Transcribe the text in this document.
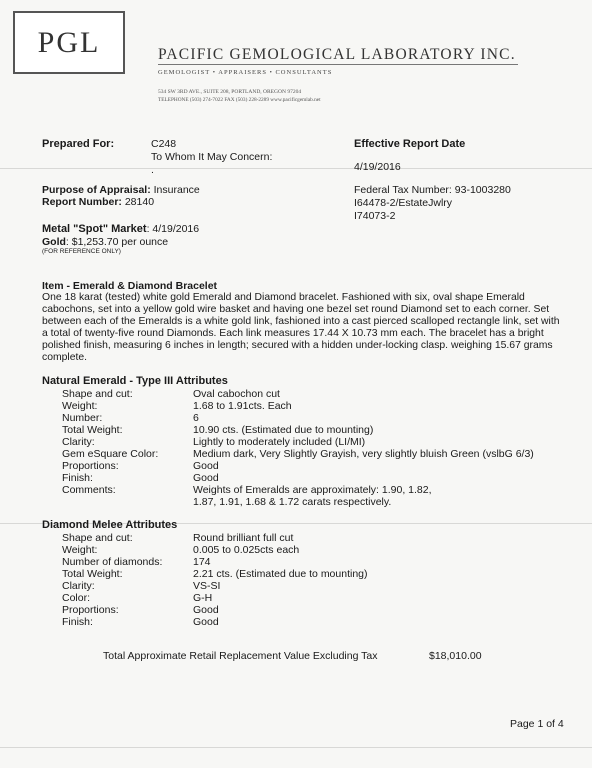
PGL	PACIFIC GEMOLOGICAL LABORATORY INC.
GEMOLOGIST • APPRAISERS • CONSULTANTS
534 SW 3RD AVE., SUITE 208, PORTLAND, OREGON 97204
TELEPHONE (503) 274-7022 FAX (503) 228-2289 www.pacificgemlab.net
Prepared For:	C248
To Whom It May Concern:
.
Effective Report Date
4/19/2016
Purpose of Appraisal: Insurance
Report Number: 28140
Federal Tax Number: 93-1003280
I64478-2/EstateJwlry
I74073-2
Metal "Spot" Market: 4/19/2016
Gold: $1,253.70 per ounce
(FOR REFERENCE ONLY)
Item - Emerald & Diamond Bracelet
One 18 karat (tested) white gold Emerald and Diamond bracelet. Fashioned with six, oval shape Emerald cabochons, set into a yellow gold wire basket and having one bezel set round Diamond set to each corner. Set between each of the Emeralds is a white gold link, fashioned into a cast pierced scalloped rectangle link, set with a total of twenty-five round Diamonds. Each link measures 17.44 X 10.73 mm each. The bracelet has a bright polished finish, measuring 6 inches in length; secured with a hidden under-locking clasp. weighing 15.67 grams complete.
Natural Emerald - Type III Attributes
Shape and cut:	Oval cabochon cut
Weight:	1.68 to 1.91cts. Each
Number:	6
Total Weight:	10.90 cts. (Estimated due to mounting)
Clarity:	Lightly to moderately included (LI/MI)
Gem eSquare Color:	Medium dark, Very Slightly Grayish, very slightly bluish Green (vslbG 6/3)
Proportions:	Good
Finish:	Good
Comments:	Weights of Emeralds are approximately: 1.90, 1.82,
1.87, 1.91, 1.68 & 1.72 carats respectively.
Diamond Melee Attributes
Shape and cut:	Round brilliant full cut
Weight:	0.005 to 0.025cts each
Number of diamonds:	174
Total Weight:	2.21 cts. (Estimated due to mounting)
Clarity:	VS-SI
Color:	G-H
Proportions:	Good
Finish:	Good
Total Approximate Retail Replacement Value Excluding Tax	$18,010.00
Page 1 of 4
